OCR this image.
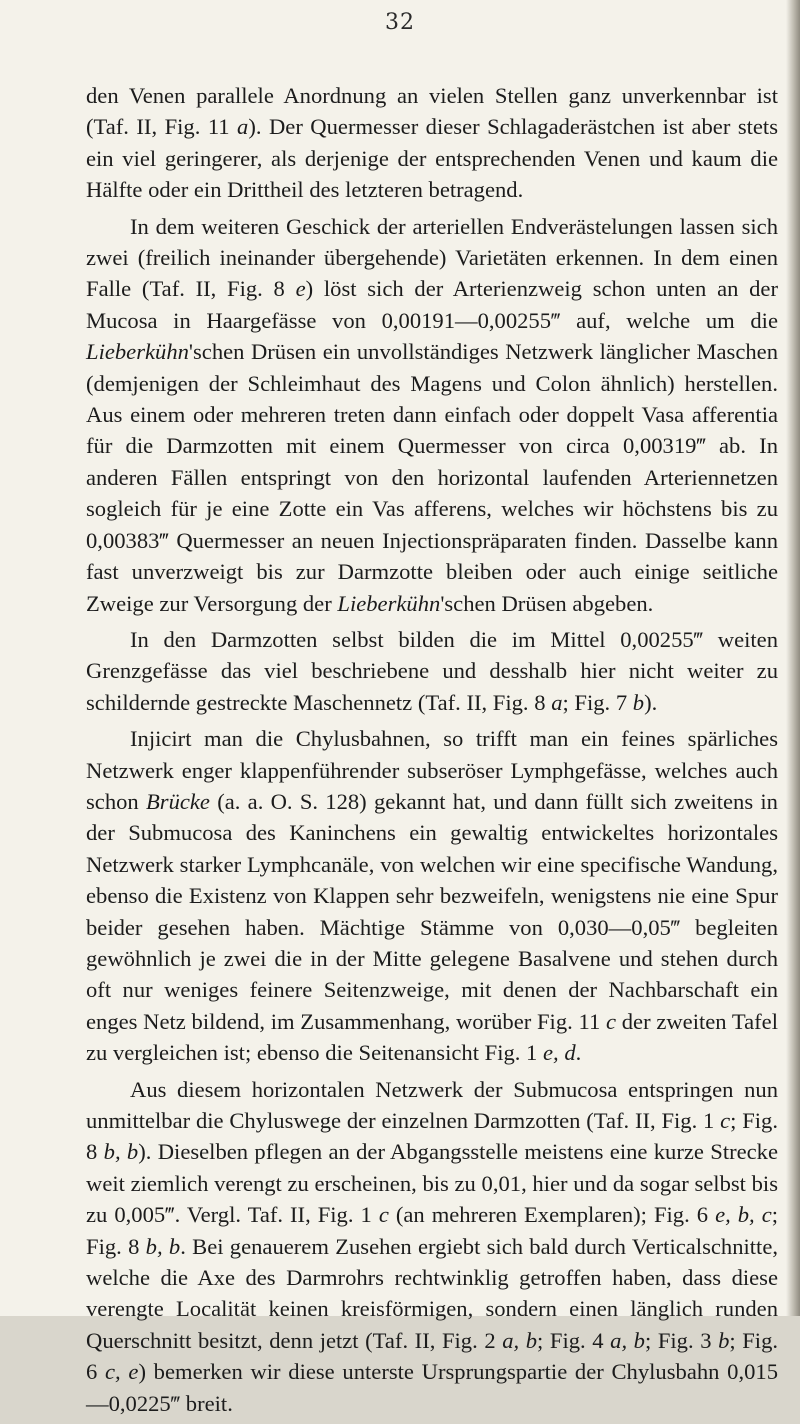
32

den Venen parallele Anordnung an vielen Stellen ganz unverkennbar ist (Taf. II, Fig. 11 a). Der Quermesser dieser Schlagaderästchen ist aber stets ein viel geringerer, als derjenige der entsprechenden Venen und kaum die Hälfte oder ein Drittheil des letzteren betragend.

In dem weiteren Geschick der arteriellen Endverästelungen lassen sich zwei (freilich ineinander übergehende) Varietäten erkennen. In dem einen Falle (Taf. II, Fig. 8 e) löst sich der Arterienzweig schon unten an der Mucosa in Haargefässe von 0,00191—0,00255‴ auf, welche um die Lieberkühn'schen Drüsen ein unvollständiges Netzwerk länglicher Maschen (demjenigen der Schleimhaut des Magens und Colon ähnlich) herstellen. Aus einem oder mehreren treten dann einfach oder doppelt Vasa afferentia für die Darmzotten mit einem Quermesser von circa 0,00319‴ ab. In anderen Fällen entspringt von den horizontal laufenden Arteriennetzen sogleich für je eine Zotte ein Vas afferens, welches wir höchstens bis zu 0,00383‴ Quermesser an neuen Injectionspräparaten finden. Dasselbe kann fast unverzweigt bis zur Darmzotte bleiben oder auch einige seitliche Zweige zur Versorgung der Lieberkühn'schen Drüsen abgeben.

In den Darmzotten selbst bilden die im Mittel 0,00255‴ weiten Grenzgefässe das viel beschriebene und desshalb hier nicht weiter zu schildernde gestreckte Maschennetz (Taf. II, Fig. 8 a; Fig. 7 b).

Injicirt man die Chylusbahnen, so trifft man ein feines spärliches Netzwerk enger klappenführender subseröser Lymphgefässe, welches auch schon Brücke (a. a. O. S. 128) gekannt hat, und dann füllt sich zweitens in der Submucosa des Kaninchens ein gewaltig entwickeltes horizontales Netzwerk starker Lymphcanäle, von welchen wir eine specifische Wandung, ebenso die Existenz von Klappen sehr bezweifeln, wenigstens nie eine Spur beider gesehen haben. Mächtige Stämme von 0,030—0,05‴ begleiten gewöhnlich je zwei die in der Mitte gelegene Basalvene und stehen durch oft nur weniges feinere Seitenzweige, mit denen der Nachbarschaft ein enges Netz bildend, im Zusammenhang, worüber Fig. 11 c der zweiten Tafel zu vergleichen ist; ebenso die Seitenansicht Fig. 1 e, d.

Aus diesem horizontalen Netzwerk der Submucosa entspringen nun unmittelbar die Chyluswege der einzelnen Darmzotten (Taf. II, Fig. 1 c; Fig. 8 b, b). Dieselben pflegen an der Abgangsstelle meistens eine kurze Strecke weit ziemlich verengt zu erscheinen, bis zu 0,01, hier und da sogar selbst bis zu 0,005‴. Vergl. Taf. II, Fig. 1 c (an mehreren Exemplaren); Fig. 6 e, b, c; Fig. 8 b, b. Bei genauerem Zusehen ergiebt sich bald durch Verticalschnitte, welche die Axe des Darmrohrs rechtwinklig getroffen haben, dass diese verengte Localität keinen kreisförmigen, sondern einen länglich runden Querschnitt besitzt, denn jetzt (Taf. II, Fig. 2 a, b; Fig. 4 a, b; Fig. 3 b; Fig. 6 c, e) bemerken wir diese unterste Ursprungspartie der Chylusbahn 0,015—0,0225‴ breit.
